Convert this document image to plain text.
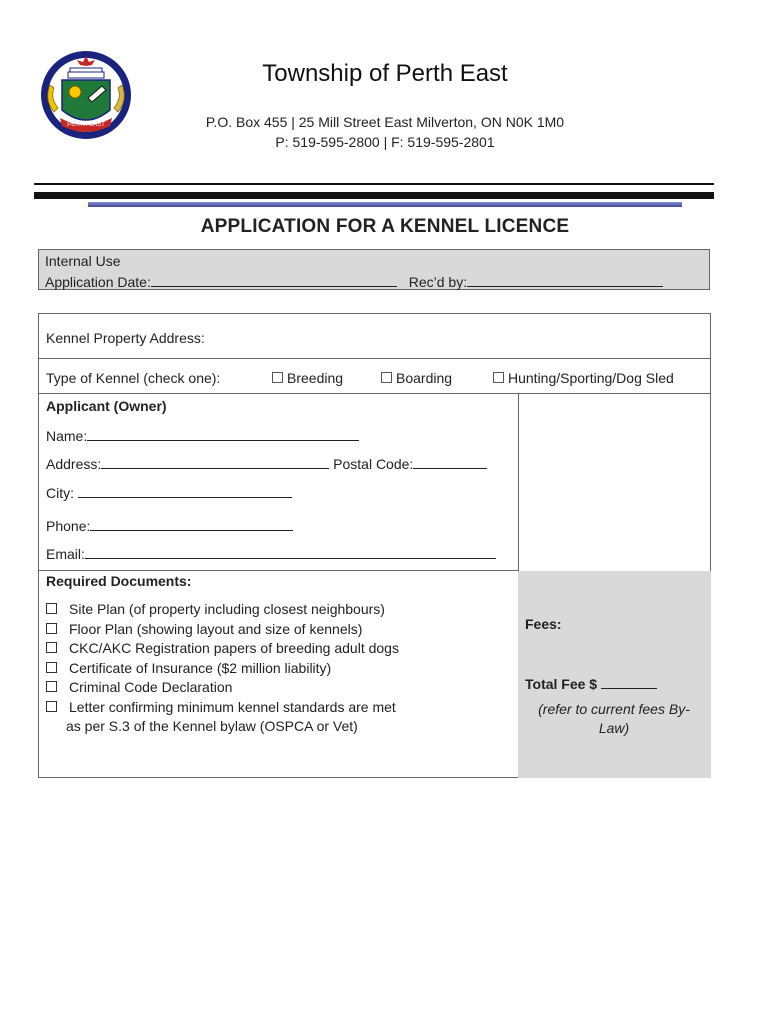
PERTH EAST
Township of Perth East
P.O. Box 455 | 25 Mill Street East Milverton, ON N0K 1M0
P: 519-595-2800 | F: 519-595-2801
APPLICATION FOR A KENNEL LICENCE
Internal Use
Application Date:	Rec’d by:
Kennel Property Address:
Type of Kennel (check one):	Breeding	Boarding	Hunting/Sporting/Dog Sled
Applicant (Owner)
Name:
Address:	Postal Code:
City:
Phone:
Email:
Required Documents:
Site Plan (of property including closest neighbours)
Floor Plan (showing layout and size of kennels)
CKC/AKC Registration papers of breeding adult dogs
Certificate of Insurance ($2 million liability)
Criminal Code Declaration
Letter confirming minimum kennel standards are met
as per S.3 of the Kennel bylaw (OSPCA or Vet)
Fees:
Total Fee $
(refer to current fees By-Law)
